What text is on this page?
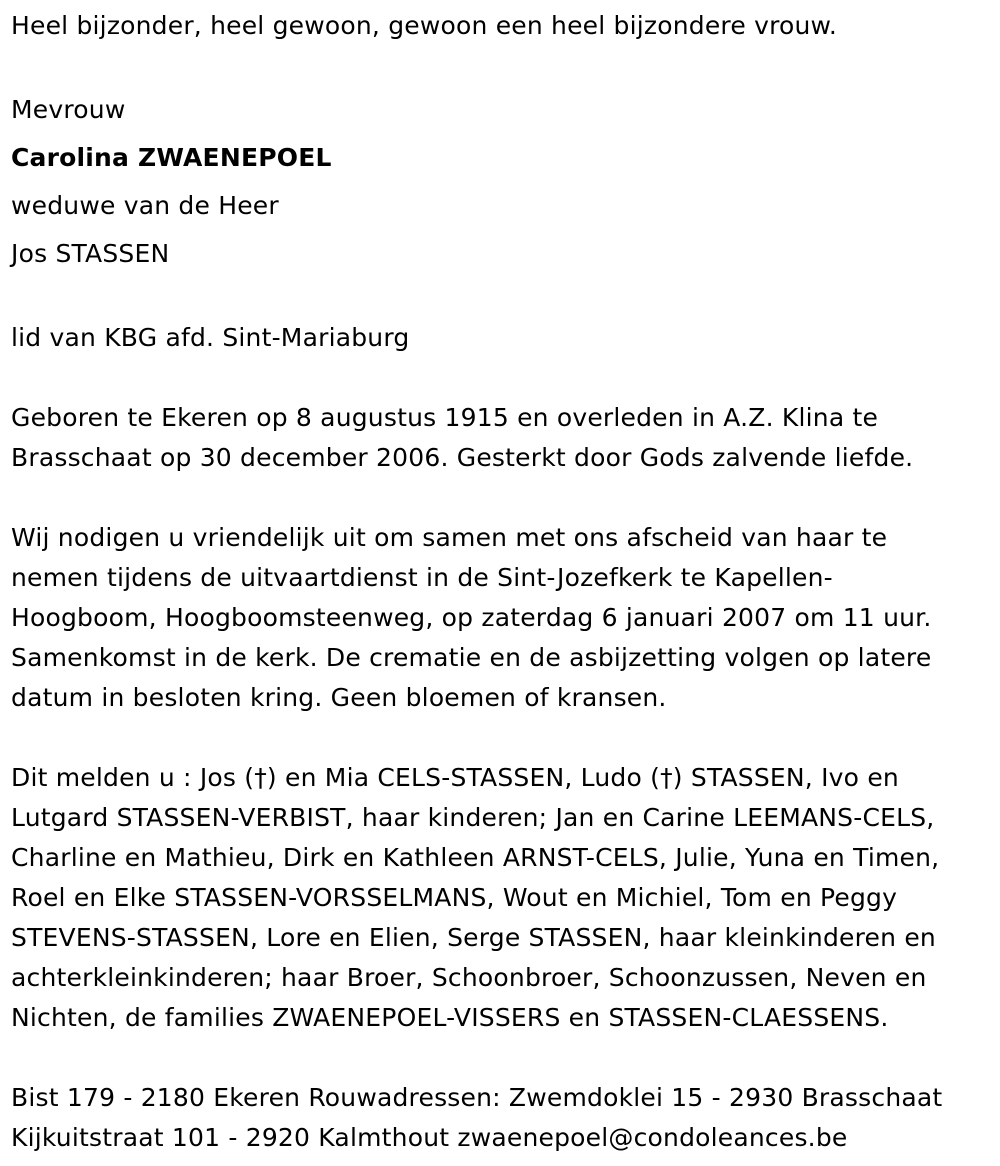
Heel bijzonder, heel gewoon, gewoon een heel bijzondere vrouw.
Mevrouw
Carolina ZWAENEPOEL
weduwe van de Heer
Jos STASSEN
lid van KBG afd. Sint-Mariaburg
Geboren te Ekeren op 8 augustus 1915 en overleden in A.Z. Klina te
Brasschaat op 30 december 2006. Gesterkt door Gods zalvende liefde.
Wij nodigen u vriendelijk uit om samen met ons afscheid van haar te
nemen tijdens de uitvaartdienst in de Sint-Jozefkerk te Kapellen-
Hoogboom, Hoogboomsteenweg, op zaterdag 6 januari 2007 om 11 uur.
Samenkomst in de kerk. De crematie en de asbijzetting volgen op latere
datum in besloten kring. Geen bloemen of kransen.
Dit melden u : Jos (†) en Mia CELS-STASSEN, Ludo (†) STASSEN, Ivo en
Lutgard STASSEN-VERBIST, haar kinderen; Jan en Carine LEEMANS-CELS,
Charline en Mathieu, Dirk en Kathleen ARNST-CELS, Julie, Yuna en Timen,
Roel en Elke STASSEN-VORSSELMANS, Wout en Michiel, Tom en Peggy
STEVENS-STASSEN, Lore en Elien, Serge STASSEN, haar kleinkinderen en
achterkleinkinderen; haar Broer, Schoonbroer, Schoonzussen, Neven en
Nichten, de families ZWAENEPOEL-VISSERS en STASSEN-CLAESSENS.
Bist 179 - 2180 Ekeren Rouwadressen: Zwemdoklei 15 - 2930 Brasschaat
Kijkuitstraat 101 - 2920 Kalmthout zwaenepoel@condoleances.be
